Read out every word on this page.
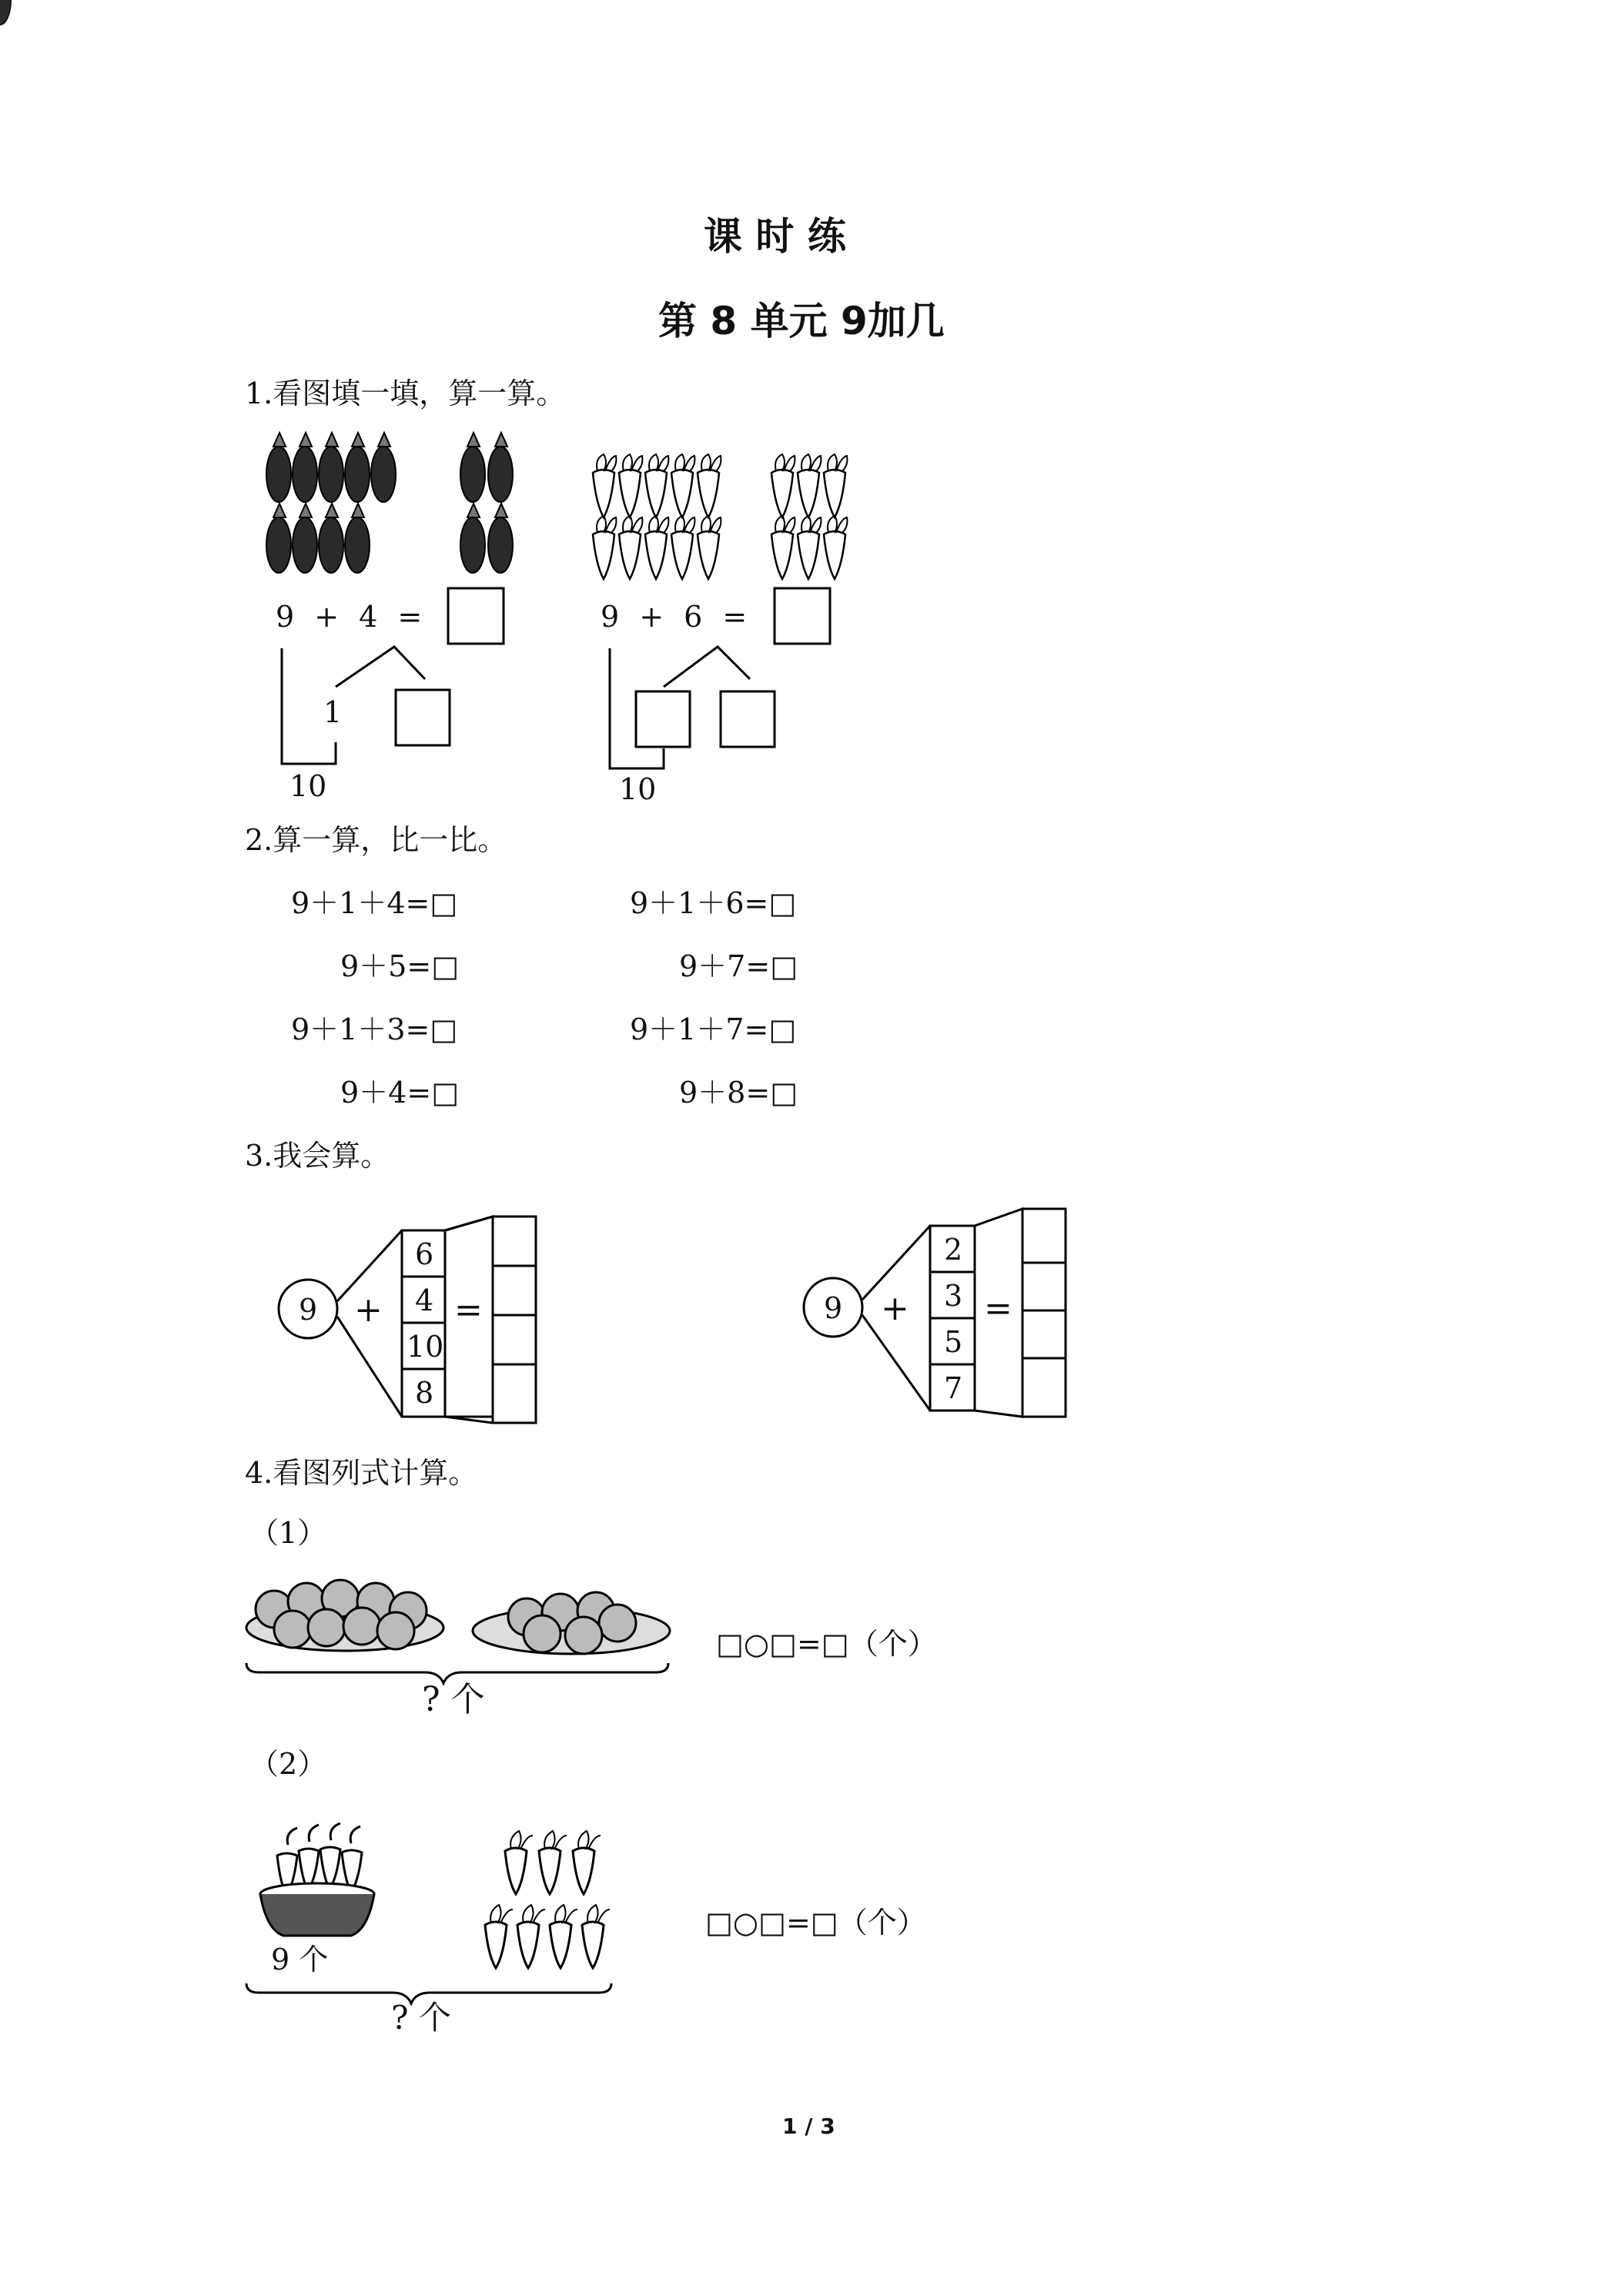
课 时 练
第 8 单元 9加几
1.看图填一填，算一算。
9 + 4 =
1
10
9 + 6 =
10
2.算一算，比一比。
9＋1＋4=□	9＋1＋6=□
9＋5=□	9＋7=□
9＋1＋3=□	9＋1＋7=□
9＋4=□	9＋8=□
3.我会算。
9 + =
6
4
10
8
9 + =
2
3
5
7
4.看图列式计算。
（1）
? 个
□○□=□（个）
（2）
9 个
? 个
□○□=□（个）
1 / 3
